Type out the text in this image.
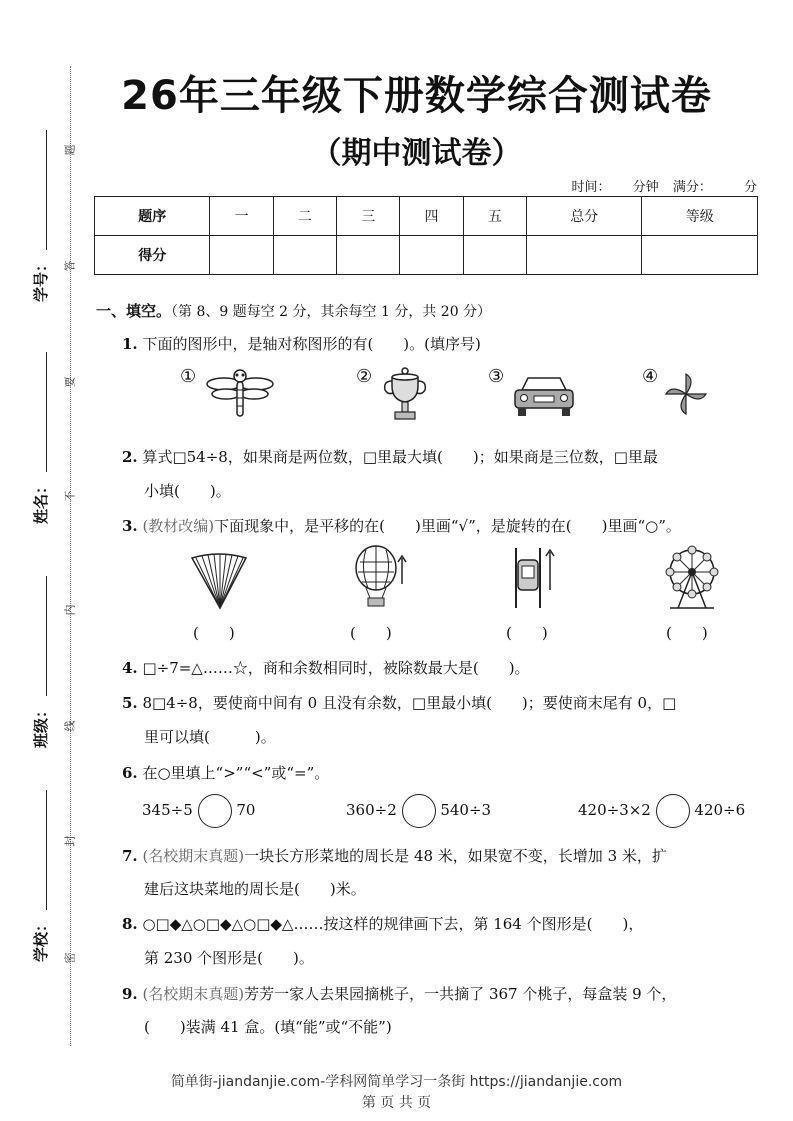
题
答
要
不
内
线
封
密
学号：
姓名：
班级：
学校：
26年三年级下册数学综合测试卷
（期中测试卷）
时间： 分钟 满分： 分
题序	一	二	三	四	五	总分	等级
得分							
一、填空。（第 8、9 题每空 2 分，其余每空 1 分，共 20 分）
1. 下面的图形中，是轴对称图形的有(　　)。(填序号)
①	②	③	④
2. 算式□54÷8，如果商是两位数，□里最大填(　　)；如果商是三位数，□里最
小填(　　)。
3. (教材改编)下面现象中，是平移的在(　　)里画“√”，是旋转的在(　　)里画“○”。
(　　)	(　　)	(　　)	(　　)
4. □÷7=△……☆，商和余数相同时，被除数最大是(　　)。
5. 8□4÷8，要使商中间有 0 且没有余数，□里最小填(　　)；要使商末尾有 0，□
里可以填(　　　)。
6. 在○里填上“>”“<”或“=”。
345÷5	70	360÷2	540÷3	420÷3×2	420÷6
7. (名校期末真题)一块长方形菜地的周长是 48 米，如果宽不变，长增加 3 米，扩
建后这块菜地的周长是(　　)米。
8. ○□◆△○□◆△○□◆△……按这样的规律画下去，第 164 个图形是(　　)，
第 230 个图形是(　　)。
9. (名校期末真题)芳芳一家人去果园摘桃子，一共摘了 367 个桃子，每盒装 9 个，
(　　)装满 41 盒。(填“能”或“不能”)
简单街-jiandanjie.com-学科网简单学习一条街 https://jiandanjie.com
第 页 共 页
